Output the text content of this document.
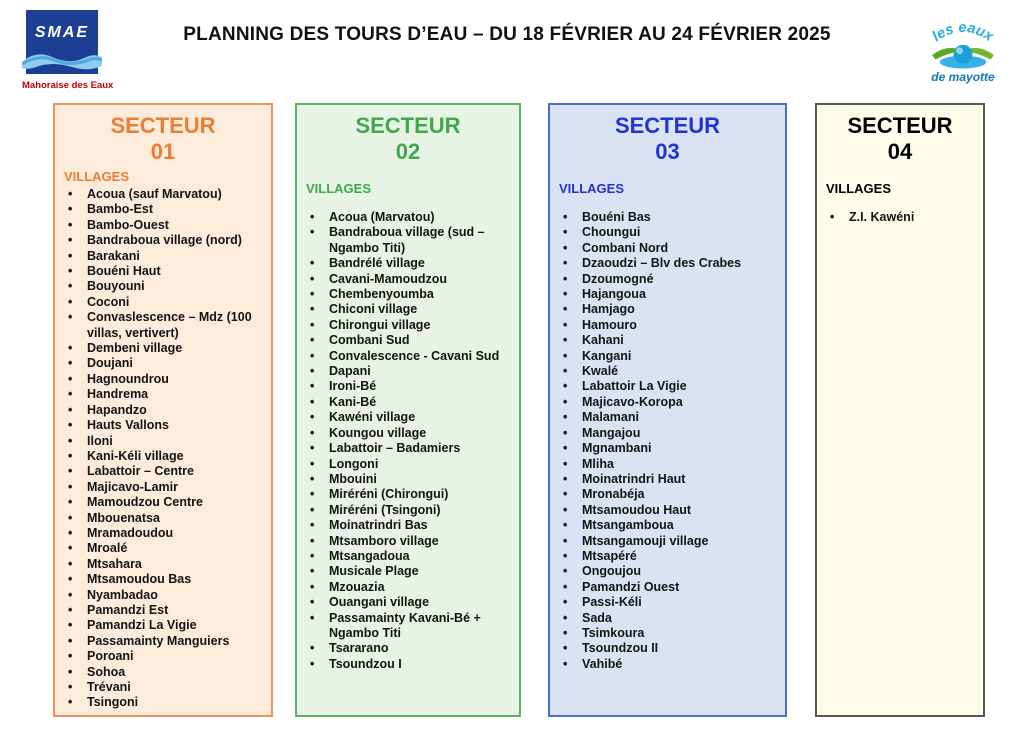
SMAE
Mahoraise des Eaux
PLANNING DES TOURS D’EAU – DU 18 FÉVRIER AU 24 FÉVRIER 2025	les eaux
de mayotte
SECTEUR
01
VILLAGES
• Acoua (sauf Marvatou)
• Bambo-Est
• Bambo-Ouest
• Bandraboua village (nord)
• Barakani
• Bouéni Haut
• Bouyouni
• Coconi
• Convaslescence – Mdz (100 villas, vertivert)
• Dembeni village
• Doujani
• Hagnoundrou
• Handrema
• Hapandzo
• Hauts Vallons
• Iloni
• Kani-Kéli village
• Labattoir – Centre
• Majicavo-Lamir
• Mamoudzou Centre
• Mbouenatsa
• Mramadoudou
• Mroalé
• Mtsahara
• Mtsamoudou Bas
• Nyambadao
• Pamandzi Est
• Pamandzi La Vigie
• Passamainty Manguiers
• Poroani
• Sohoa
• Trévani
• Tsingoni
SECTEUR
02
VILLAGES
• Acoua (Marvatou)
• Bandraboua village (sud – Ngambo Titi)
• Bandrélé village
• Cavani-Mamoudzou
• Chembenyoumba
• Chiconi village
• Chirongui village
• Combani Sud
• Convalescence - Cavani Sud
• Dapani
• Ironi-Bé
• Kani-Bé
• Kawéni village
• Koungou village
• Labattoir – Badamiers
• Longoni
• Mbouini
• Miréréni (Chirongui)
• Miréréni (Tsingoni)
• Moinatrindri Bas
• Mtsamboro village
• Mtsangadoua
• Musicale Plage
• Mzouazia
• Ouangani village
• Passamainty Kavani-Bé + Ngambo Titi
• Tsararano
• Tsoundzou I
SECTEUR
03
VILLAGES
• Bouéni Bas
• Choungui
• Combani Nord
• Dzaoudzi – Blv des Crabes
• Dzoumogné
• Hajangoua
• Hamjago
• Hamouro
• Kahani
• Kangani
• Kwalé
• Labattoir La Vigie
• Majicavo-Koropa
• Malamani
• Mangajou
• Mgnambani
• Mliha
• Moinatrindri Haut
• Mronabéja
• Mtsamoudou Haut
• Mtsangamboua
• Mtsangamouji village
• Mtsapéré
• Ongoujou
• Pamandzi Ouest
• Passi-Kéli
• Sada
• Tsimkoura
• Tsoundzou II
• Vahibé
SECTEUR
04
VILLAGES
• Z.I. Kawéni
